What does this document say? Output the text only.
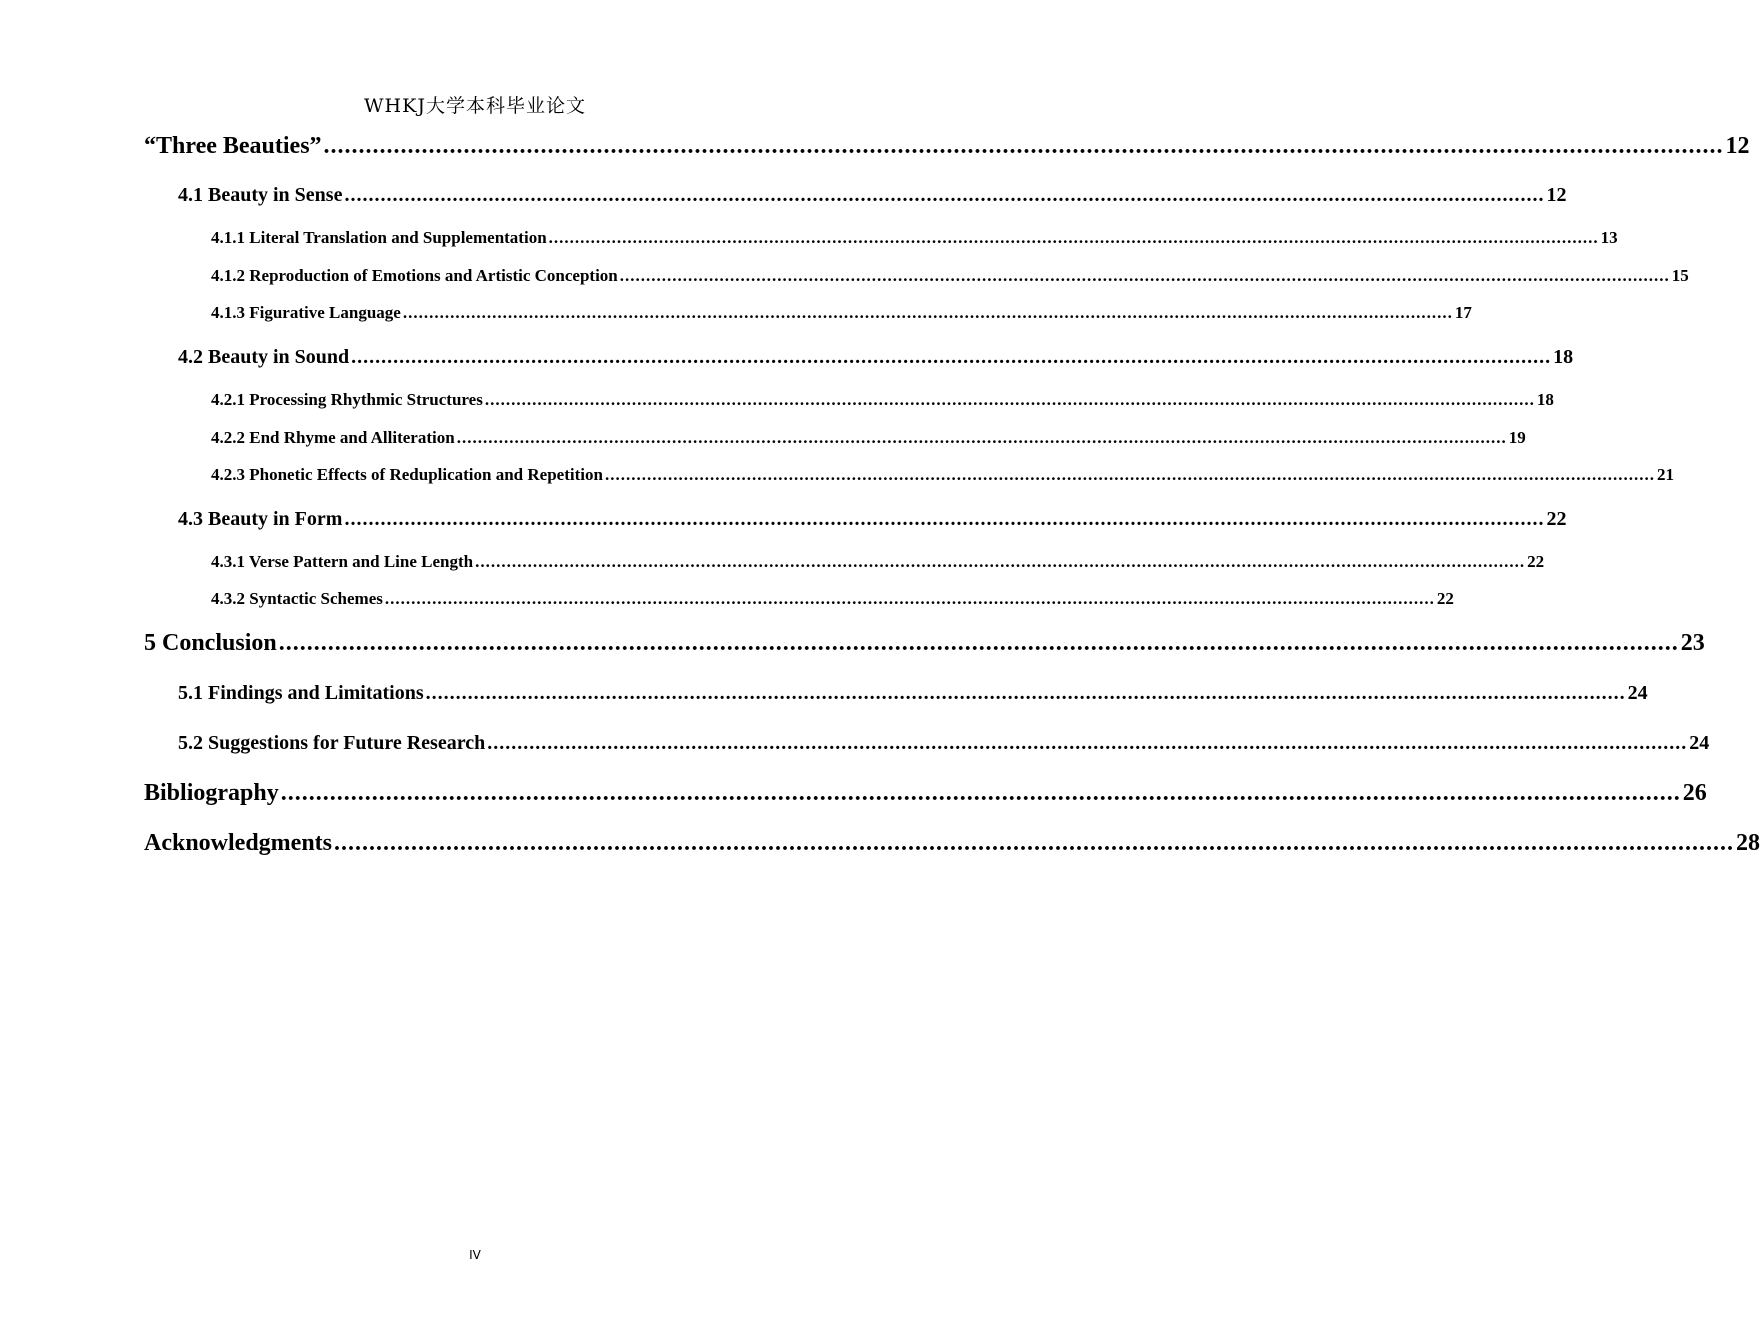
WHKJ大学本科毕业论文
“Three Beauties” ........................................................................................................................................................................................................ 12
4.1 Beauty in Sense ........................................................................................................................................................................................................ 12
4.1.1 Literal Translation and Supplementation ........................................................................................................................................................................................................ 13
4.1.2 Reproduction of Emotions and Artistic Conception ........................................................................................................................................................................................................ 15
4.1.3 Figurative Language ........................................................................................................................................................................................................ 17
4.2 Beauty in Sound ........................................................................................................................................................................................................ 18
4.2.1 Processing Rhythmic Structures ........................................................................................................................................................................................................ 18
4.2.2 End Rhyme and Alliteration ........................................................................................................................................................................................................ 19
4.2.3 Phonetic Effects of Reduplication and Repetition ........................................................................................................................................................................................................ 21
4.3 Beauty in Form ........................................................................................................................................................................................................ 22
4.3.1 Verse Pattern and Line Length ........................................................................................................................................................................................................ 22
4.3.2 Syntactic Schemes ........................................................................................................................................................................................................ 22
5 Conclusion ........................................................................................................................................................................................................ 23
5.1 Findings and Limitations ........................................................................................................................................................................................................ 24
5.2 Suggestions for Future Research ........................................................................................................................................................................................................ 24
Bibliography ........................................................................................................................................................................................................ 26
Acknowledgments ........................................................................................................................................................................................................ 28
IV
